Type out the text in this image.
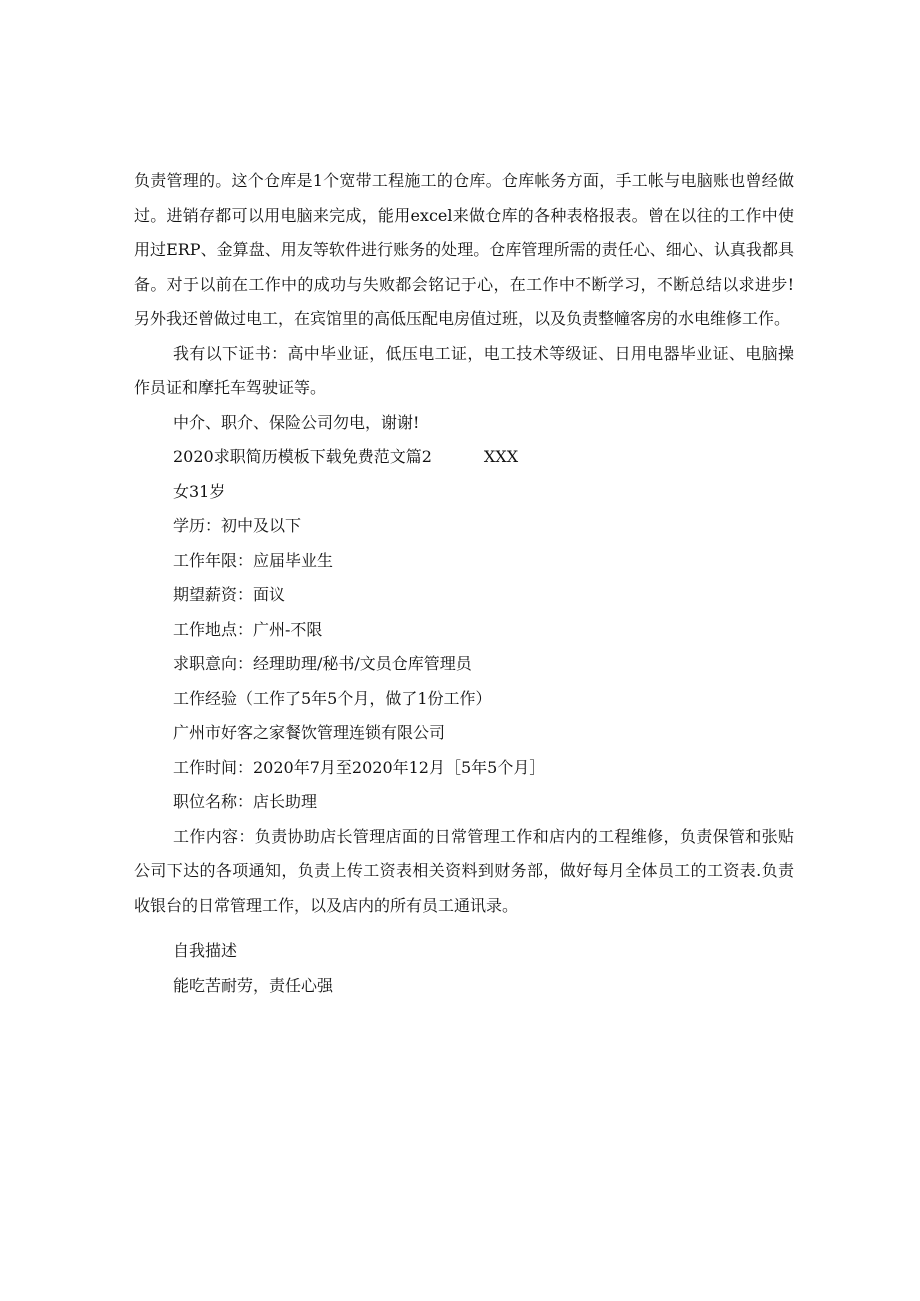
负责管理的。这个仓库是1个宽带工程施工的仓库。仓库帐务方面，手工帐与电脑账也曾经做过。进销存都可以用电脑来完成，能用excel来做仓库的各种表格报表。曾在以往的工作中使用过ERP、金算盘、用友等软件进行账务的处理。仓库管理所需的责任心、细心、认真我都具备。对于以前在工作中的成功与失败都会铭记于心，在工作中不断学习，不断总结以求进步!另外我还曾做过电工，在宾馆里的高低压配电房值过班，以及负责整幢客房的水电维修工作。

我有以下证书：高中毕业证，低压电工证，电工技术等级证、日用电器毕业证、电脑操作员证和摩托车驾驶证等。

中介、职介、保险公司勿电，谢谢!

2020求职简历模板下载免费范文篇2	XXX

女31岁

学历：初中及以下

工作年限：应届毕业生

期望薪资：面议

工作地点：广州-不限

求职意向：经理助理/秘书/文员仓库管理员

工作经验（工作了5年5个月，做了1份工作）

广州市好客之家餐饮管理连锁有限公司

工作时间：2020年7月至2020年12月［5年5个月］

职位名称：店长助理

工作内容：负责协助店长管理店面的日常管理工作和店内的工程维修，负责保管和张贴公司下达的各项通知，负责上传工资表相关资料到财务部，做好每月全体员工的工资表.负责收银台的日常管理工作，以及店内的所有员工通讯录。

自我描述

能吃苦耐劳，责任心强
